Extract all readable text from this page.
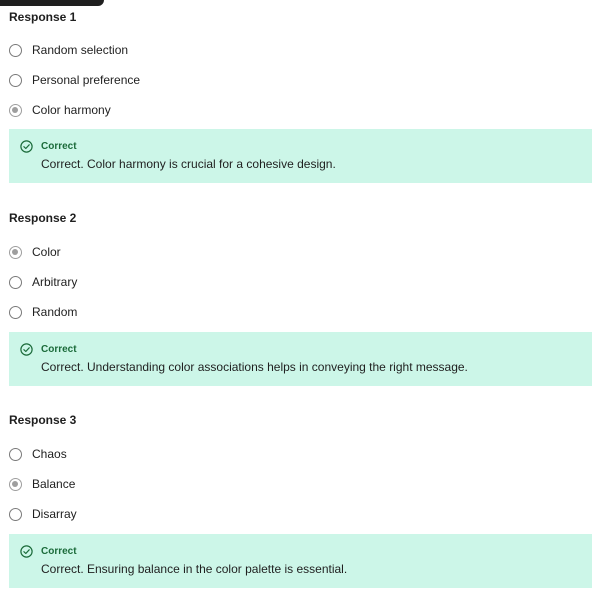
Response 1
Random selection
Personal preference
Color harmony
Correct
Correct. Color harmony is crucial for a cohesive design.
Response 2
Color
Arbitrary
Random
Correct
Correct. Understanding color associations helps in conveying the right message.
Response 3
Chaos
Balance
Disarray
Correct
Correct. Ensuring balance in the color palette is essential.
